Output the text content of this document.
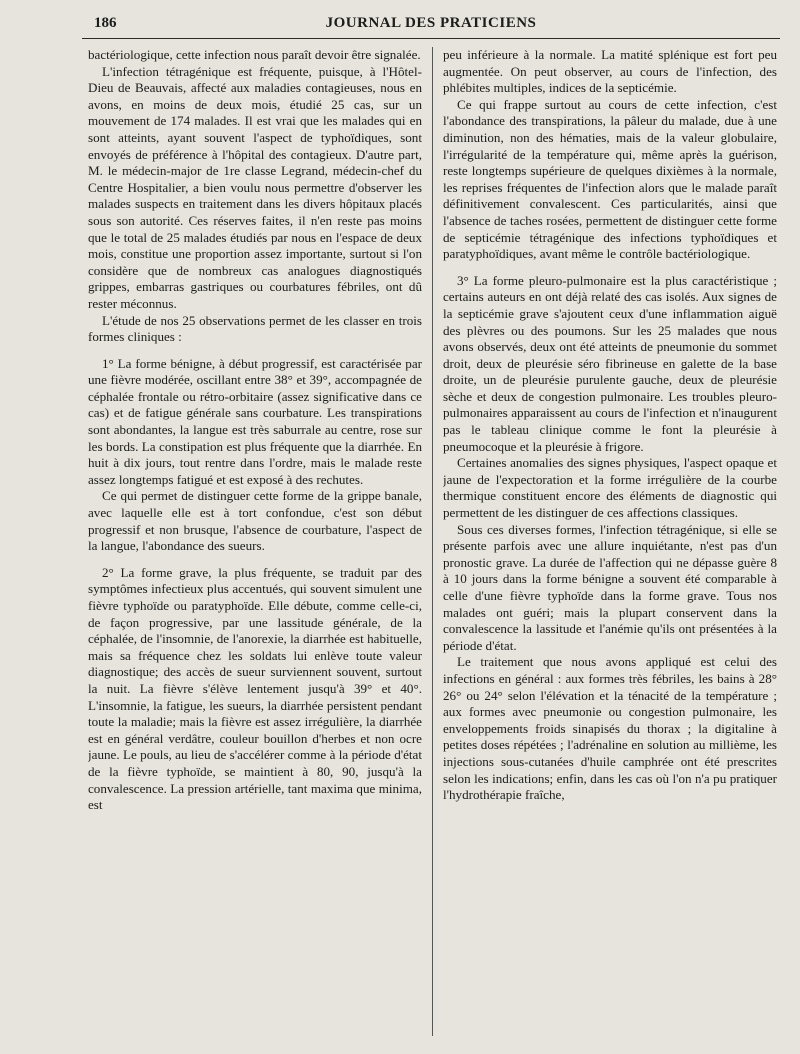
186	JOURNAL DES PRATICIENS

bactériologique, cette infection nous paraît devoir être signalée.

L'infection tétragénique est fréquente, puisque, à l'Hôtel-Dieu de Beauvais, affecté aux maladies contagieuses, nous en avons, en moins de deux mois, étudié 25 cas, sur un mouvement de 174 malades. Il est vrai que les malades qui en sont atteints, ayant souvent l'aspect de typhoïdiques, sont envoyés de préférence à l'hôpital des contagieux. D'autre part, M. le médecin-major de 1re classe Legrand, médecin-chef du Centre Hospitalier, a bien voulu nous permettre d'observer les malades suspects en traitement dans les divers hôpitaux placés sous son autorité. Ces réserves faites, il n'en reste pas moins que le total de 25 malades étudiés par nous en l'espace de deux mois, constitue une proportion assez importante, surtout si l'on considère que de nombreux cas analogues diagnostiqués grippes, embarras gastriques ou courbatures fébriles, ont dû rester méconnus.

L'étude de nos 25 observations permet de les classer en trois formes cliniques :

1° La forme bénigne, à début progressif, est caractérisée par une fièvre modérée, oscillant entre 38° et 39°, accompagnée de céphalée frontale ou rétro-orbitaire (assez significative dans ce cas) et de fatigue générale sans courbature. Les transpirations sont abondantes, la langue est très saburrale au centre, rose sur les bords. La constipation est plus fréquente que la diarrhée. En huit à dix jours, tout rentre dans l'ordre, mais le malade reste assez longtemps fatigué et est exposé à des rechutes.

Ce qui permet de distinguer cette forme de la grippe banale, avec laquelle elle est à tort confondue, c'est son début progressif et non brusque, l'absence de courbature, l'aspect de la langue, l'abondance des sueurs.

2° La forme grave, la plus fréquente, se traduit par des symptômes infectieux plus accentués, qui souvent simulent une fièvre typhoïde ou paratyphoïde. Elle débute, comme celle-ci, de façon progressive, par une lassitude générale, de la céphalée, de l'insomnie, de l'anorexie, la diarrhée est habituelle, mais sa fréquence chez les soldats lui enlève toute valeur diagnostique; des accès de sueur surviennent souvent, surtout la nuit. La fièvre s'élève lentement jusqu'à 39° et 40°. L'insomnie, la fatigue, les sueurs, la diarrhée persistent pendant toute la maladie; mais la fièvre est assez irrégulière, la diarrhée est en général verdâtre, couleur bouillon d'herbes et non ocre jaune. Le pouls, au lieu de s'accélérer comme à la période d'état de la fièvre typhoïde, se maintient à 80, 90, jusqu'à la convalescence. La pression artérielle, tant maxima que minima, est

peu inférieure à la normale. La matité splénique est fort peu augmentée. On peut observer, au cours de l'infection, des phlébites multiples, indices de la septicémie.

Ce qui frappe surtout au cours de cette infection, c'est l'abondance des transpirations, la pâleur du malade, due à une diminution, non des hématies, mais de la valeur globulaire, l'irrégularité de la température qui, même après la guérison, reste longtemps supérieure de quelques dixièmes à la normale, les reprises fréquentes de l'infection alors que le malade paraît définitivement convalescent. Ces particularités, ainsi que l'absence de taches rosées, permettent de distinguer cette forme de septicémie tétragénique des infections typhoïdiques et paratyphoïdiques, avant même le contrôle bactériologique.

3° La forme pleuro-pulmonaire est la plus caractéristique ; certains auteurs en ont déjà relaté des cas isolés. Aux signes de la septicémie grave s'ajoutent ceux d'une inflammation aiguë des plèvres ou des poumons. Sur les 25 malades que nous avons observés, deux ont été atteints de pneumonie du sommet droit, deux de pleurésie séro fibrineuse en galette de la base droite, un de pleurésie purulente gauche, deux de pleurésie sèche et deux de congestion pulmonaire. Les troubles pleuro-pulmonaires apparaissent au cours de l'infection et n'inaugurent pas le tableau clinique comme le font la pleurésie à pneumocoque et la pleurésie à frigore.

Certaines anomalies des signes physiques, l'aspect opaque et jaune de l'expectoration et la forme irrégulière de la courbe thermique constituent encore des éléments de diagnostic qui permettent de les distinguer de ces affections classiques.

Sous ces diverses formes, l'infection tétragénique, si elle se présente parfois avec une allure inquiétante, n'est pas d'un pronostic grave. La durée de l'affection qui ne dépasse guère 8 à 10 jours dans la forme bénigne a souvent été comparable à celle d'une fièvre typhoïde dans la forme grave. Tous nos malades ont guéri; mais la plupart conservent dans la convalescence la lassitude et l'anémie qu'ils ont présentées à la période d'état.

Le traitement que nous avons appliqué est celui des infections en général : aux formes très fébriles, les bains à 28° 26° ou 24° selon l'élévation et la ténacité de la température ; aux formes avec pneumonie ou congestion pulmonaire, les enveloppements froids sinapisés du thorax ; la digitaline à petites doses répétées ; l'adrénaline en solution au millième, les injections sous-cutanées d'huile camphrée ont été prescrites selon les indications; enfin, dans les cas où l'on n'a pu pratiquer l'hydrothérapie fraîche,
